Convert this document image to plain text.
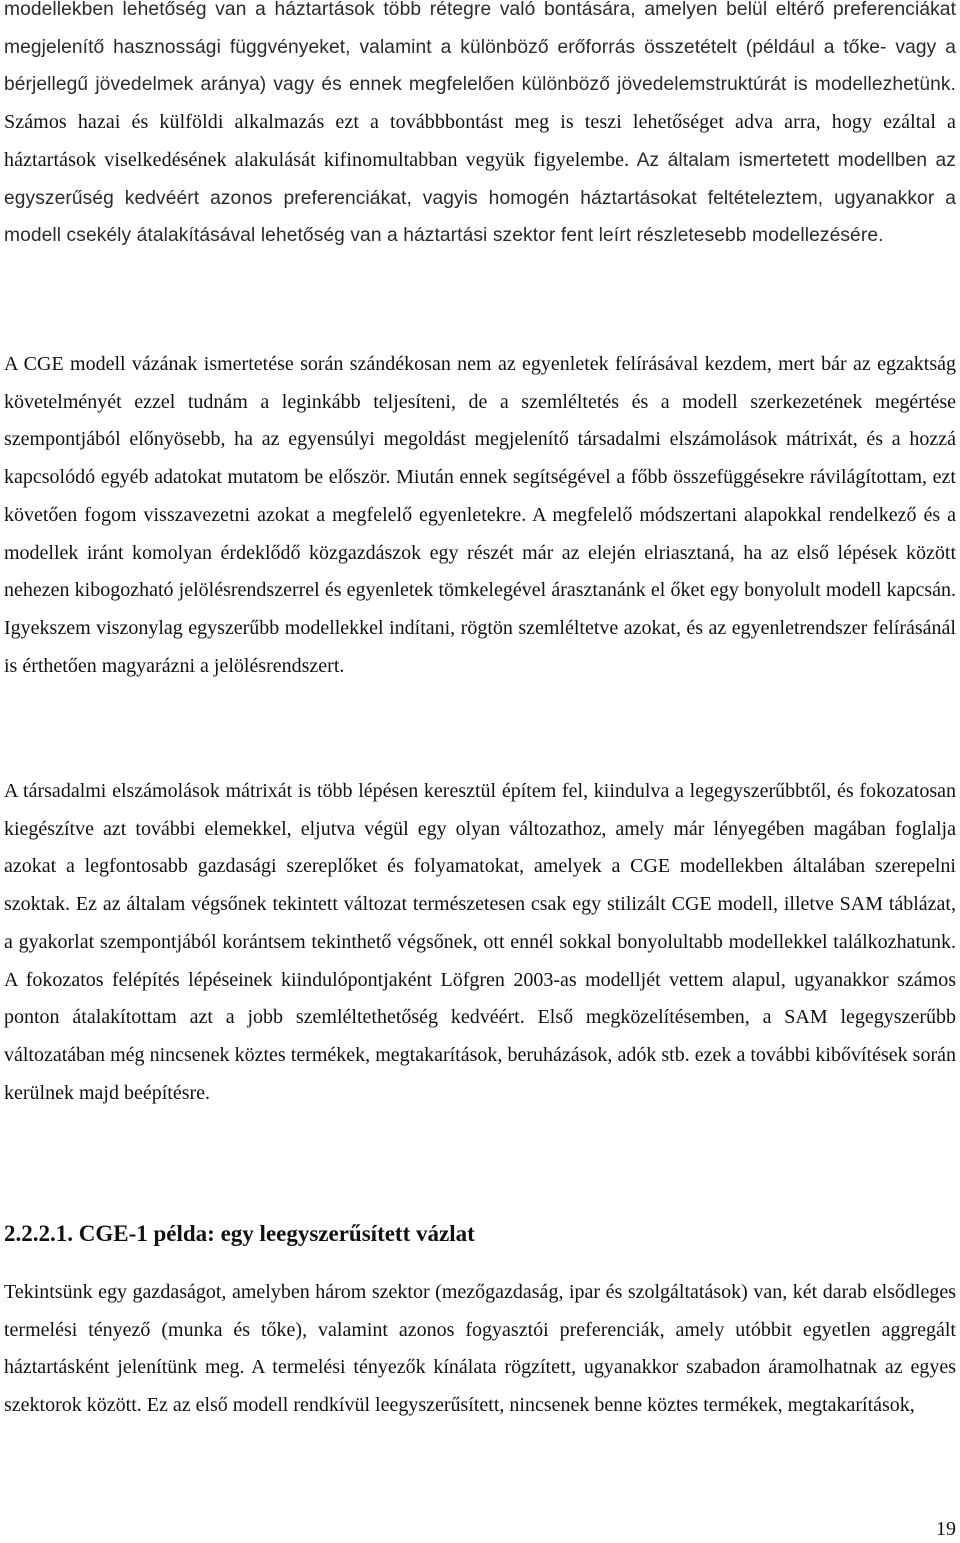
modellekben lehetőség van a háztartások több rétegre való bontására, amelyen belül eltérő preferenciákat megjelenítő hasznossági függvényeket, valamint a különböző erőforrás összetételt (például a tőke- vagy a bérjellegű jövedelmek aránya) vagy és ennek megfelelően különböző jövedelemstruktúrát is modellezhetünk. Számos hazai és külföldi alkalmazás ezt a továbbbontást meg is teszi lehetőséget adva arra, hogy ezáltal a háztartások viselkedésének alakulását kifinomultabban vegyük figyelembe. Az általam ismertetett modellben az egyszerűség kedvéért azonos preferenciákat, vagyis homogén háztartásokat feltételeztem, ugyanakkor a modell csekély átalakításával lehetőség van a háztartási szektor fent leírt részletesebb modellezésére.

A CGE modell vázának ismertetése során szándékosan nem az egyenletek felírásával kezdem, mert bár az egzaktság követelményét ezzel tudnám a leginkább teljesíteni, de a szemléltetés és a modell szerkezetének megértése szempontjából előnyösebb, ha az egyensúlyi megoldást megjelenítő társadalmi elszámolások mátrixát, és a hozzá kapcsolódó egyéb adatokat mutatom be először. Miután ennek segítségével a főbb összefüggésekre rávilágítottam, ezt követően fogom visszavezetni azokat a megfelelő egyenletekre. A megfelelő módszertani alapokkal rendelkező és a modellek iránt komolyan érdeklődő közgazdászok egy részét már az elején elriasztaná, ha az első lépések között nehezen kibogozható jelölésrendszerrel és egyenletek tömkelegével árasztanánk el őket egy bonyolult modell kapcsán. Igyekszem viszonylag egyszerűbb modellekkel indítani, rögtön szemléltetve azokat, és az egyenletrendszer felírásánál is érthetően magyarázni a jelölésrendszert.

A társadalmi elszámolások mátrixát is több lépésen keresztül építem fel, kiindulva a legegyszerűbbtől, és fokozatosan kiegészítve azt további elemekkel, eljutva végül egy olyan változathoz, amely már lényegében magában foglalja azokat a legfontosabb gazdasági szereplőket és folyamatokat, amelyek a CGE modellekben általában szerepelni szoktak. Ez az általam végsőnek tekintett változat természetesen csak egy stilizált CGE modell, illetve SAM táblázat, a gyakorlat szempontjából korántsem tekinthető végsőnek, ott ennél sokkal bonyolultabb modellekkel találkozhatunk. A fokozatos felépítés lépéseinek kiindulópontjaként Löfgren 2003-as modelljét vettem alapul, ugyanakkor számos ponton átalakítottam azt a jobb szemléltethetőség kedvéért. Első megközelítésemben, a SAM legegyszerűbb változatában még nincsenek köztes termékek, megtakarítások, beruházások, adók stb. ezek a további kibővítések során kerülnek majd beépítésre.

2.2.2.1. CGE-1 példa: egy leegyszerűsített vázlat

Tekintsünk egy gazdaságot, amelyben három szektor (mezőgazdaság, ipar és szolgáltatások) van, két darab elsődleges termelési tényező (munka és tőke), valamint azonos fogyasztói preferenciák, amely utóbbit egyetlen aggregált háztartásként jelenítünk meg. A termelési tényezők kínálata rögzített, ugyanakkor szabadon áramolhatnak az egyes szektorok között. Ez az első modell rendkívül leegyszerűsített, nincsenek benne köztes termékek, megtakarítások,

19
